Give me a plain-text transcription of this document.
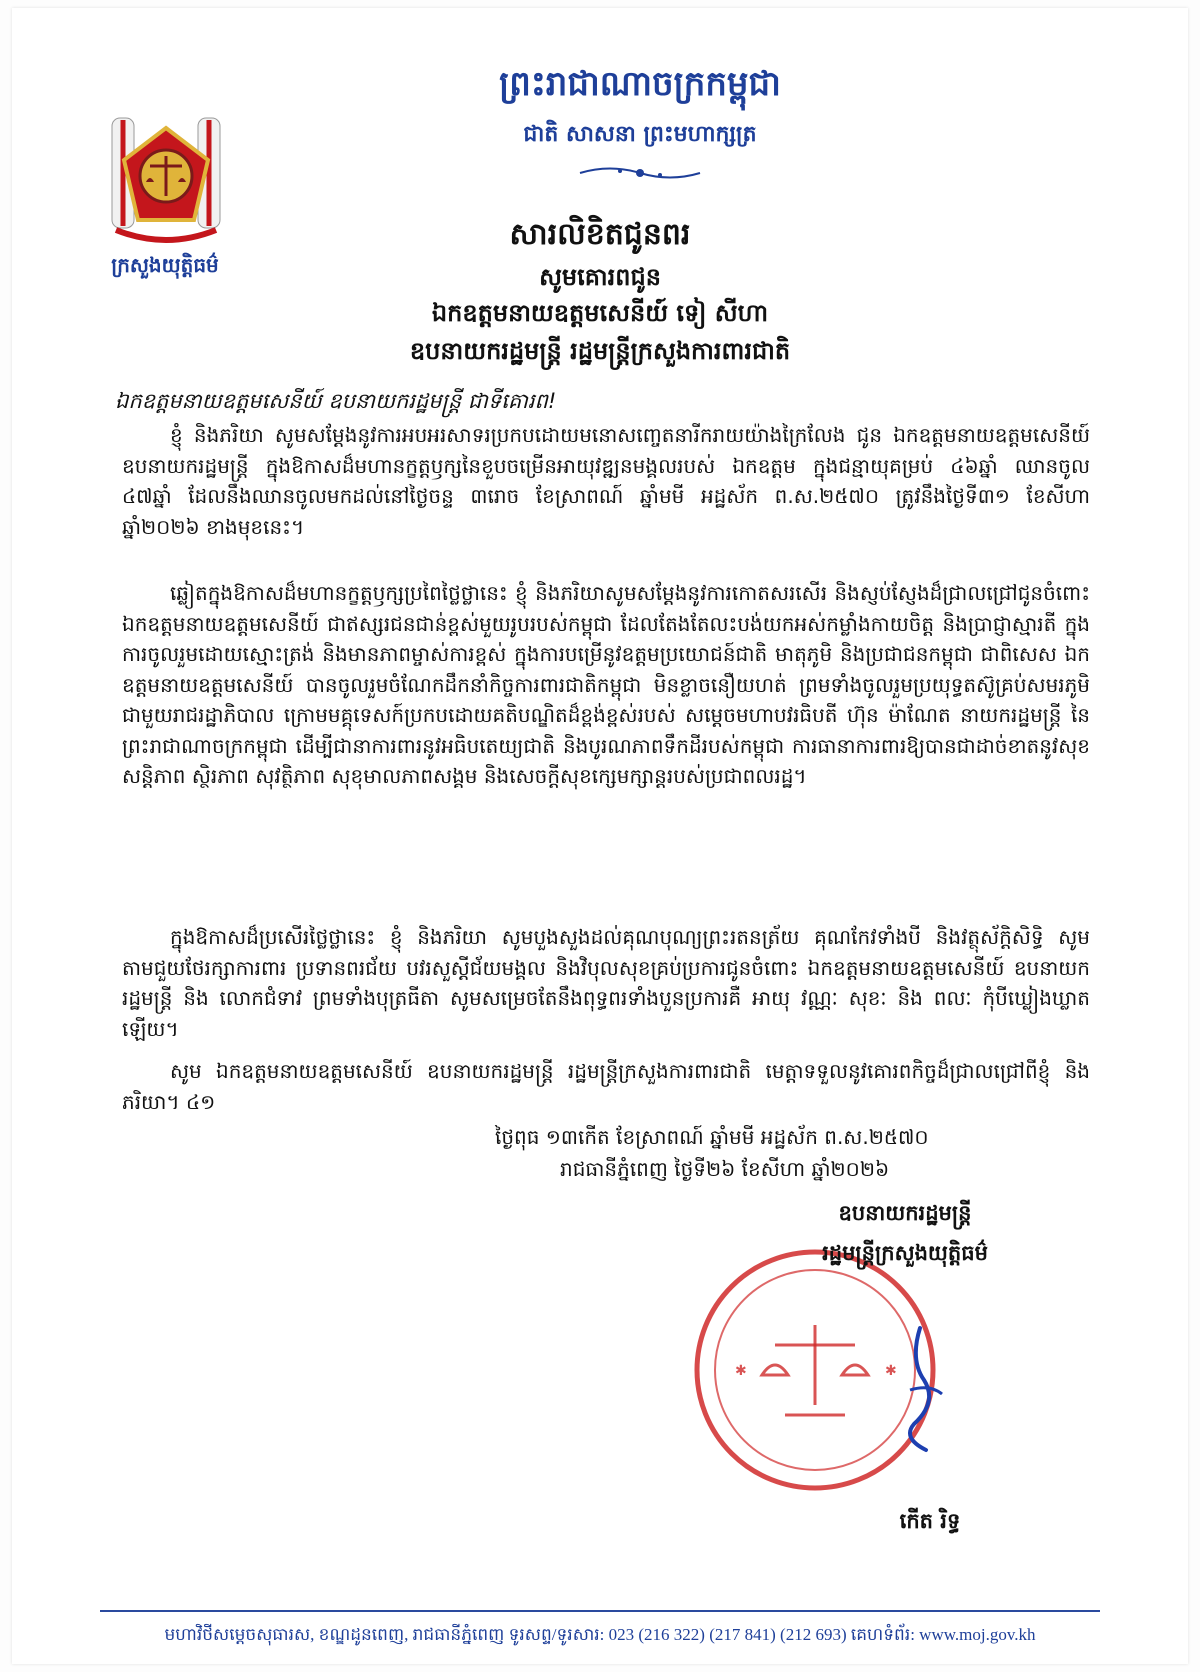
ព្រះរាជាណាចក្រកម្ពុជា
ជាតិ សាសនា ព្រះមហាក្សត្រ
ក្រសួងយុត្តិធម៌
សារលិខិតជូនពរ
សូមគោរពជូន
ឯកឧត្តមនាយឧត្តមសេនីយ៍ ទៀ សីហា
ឧបនាយករដ្ឋមន្ត្រី រដ្ឋមន្ត្រីក្រសួងការពារជាតិ
ឯកឧត្តមនាយឧត្តមសេនីយ៍ ឧបនាយករដ្ឋមន្ត្រី ជាទីគោរព!

ខ្ញុំ និងភរិយា សូមសម្តែងនូវការអបអរសាទរប្រកបដោយមនោសញ្ចេតនារីករាយយ៉ាងក្រៃលែង ជូន ឯកឧត្តមនាយឧត្តមសេនីយ៍ ឧបនាយករដ្ឋមន្ត្រី ក្នុងឱកាសដ៏មហានក្ខត្តឫក្សនៃខួបចម្រើនអាយុវឌ្ឍនមង្គលរបស់ ឯកឧត្តម ក្នុងជន្មាយុគម្រប់ ៤៦ឆ្នាំ ឈានចូល ៤៧ឆ្នាំ ដែលនឹងឈានចូលមកដល់នៅថ្ងៃចន្ទ ៣រោច ខែស្រាពណ៍ ឆ្នាំមមី អដ្ឋស័ក ព.ស.២៥៧០ ត្រូវនឹងថ្ងៃទី៣១ ខែសីហា ឆ្នាំ២០២៦ ខាងមុខនេះ។

ឆ្លៀតក្នុងឱកាសដ៏មហានក្ខត្តឫក្សប្រពៃថ្លៃថ្លានេះ ខ្ញុំ និងភរិយាសូមសម្តែងនូវការកោតសរសើរ និងស្ញប់ស្ញែងដ៏ជ្រាលជ្រៅជូនចំពោះ ឯកឧត្តមនាយឧត្តមសេនីយ៍ ជាឥស្សរជនជាន់ខ្ពស់មួយរូបរបស់កម្ពុជា ដែលតែងតែលះបង់យកអស់កម្លាំងកាយចិត្ត និងប្រាជ្ញាស្មារតី ក្នុងការចូលរួមដោយស្មោះត្រង់ និងមានភាពម្ចាស់ការខ្ពស់ ក្នុងការបម្រើនូវឧត្តមប្រយោជន៍ជាតិ មាតុភូមិ និងប្រជាជនកម្ពុជា ជាពិសេស ឯកឧត្តមនាយឧត្តមសេនីយ៍ បានចូលរួមចំណែកដឹកនាំកិច្ចការពារជាតិកម្ពុជា មិនខ្លាចនឿយហត់ ព្រមទាំងចូលរួមប្រយុទ្ធតស៊ូគ្រប់សមរភូមិ ជាមួយរាជរដ្ឋាភិបាល ក្រោមមគ្គុទេសក៍ប្រកបដោយគតិបណ្ឌិតដ៏ខ្ពង់ខ្ពស់របស់ សម្តេចមហាបវរធិបតី ហ៊ុន ម៉ាណែត នាយករដ្ឋមន្ត្រី នៃព្រះរាជាណាចក្រកម្ពុជា ដើម្បីជានាការពារនូវអធិបតេយ្យជាតិ និងបូរណភាពទឹកដីរបស់កម្ពុជា ការធានាការពារឱ្យបានជាដាច់ខាតនូវសុខសន្តិភាព ស្ថិរភាព សុវត្ថិភាព សុខុមាលភាពសង្គម និងសេចក្តីសុខក្សេមក្សាន្តរបស់ប្រជាពលរដ្ឋ។

ក្នុងឱកាសដ៏ប្រសើរថ្លៃថ្លានេះ ខ្ញុំ និងភរិយា សូមបួងសួងដល់គុណបុណ្យព្រះរតនត្រ័យ គុណកែវទាំងបី និងវត្ថុស័ក្តិសិទ្ធិ សូមតាមជួយថែរក្សាការពារ ប្រទានពរជ័យ បវរសួស្តីជ័យមង្គល និងវិបុលសុខគ្រប់ប្រការជូនចំពោះ ឯកឧត្តមនាយឧត្តមសេនីយ៍ ឧបនាយករដ្ឋមន្ត្រី និង លោកជំទាវ ព្រមទាំងបុត្រធីតា សូមសម្រេចតែនឹងពុទ្ធពរទាំងបួនប្រការគឺ អាយុ វណ្ណៈ សុខៈ និង ពលៈ កុំបីឃ្លៀងឃ្លាតឡើយ។

សូម ឯកឧត្តមនាយឧត្តមសេនីយ៍ ឧបនាយករដ្ឋមន្ត្រី រដ្ឋមន្ត្រីក្រសួងការពារជាតិ មេត្តាទទួលនូវគោរពកិច្ចដ៏ជ្រាលជ្រៅពីខ្ញុំ និងភរិយា។ ៤១

ថ្ងៃពុធ ១៣កើត ខែស្រាពណ៍ ឆ្នាំមមី អដ្ឋស័ក ព.ស.២៥៧០
រាជធានីភ្នំពេញ ថ្ងៃទី២៦ ខែសីហា ឆ្នាំ២០២៦
✱	✱
ឧបនាយករដ្ឋមន្ត្រី
រដ្ឋមន្ត្រីក្រសួងយុត្តិធម៌
កើត រិទ្ធ
មហាវិថីសម្តេចសុធារស, ខណ្ឌដូនពេញ, រាជធានីភ្នំពេញ ទូរសព្ទ/ទូរសារ: 023 (216 322) (217 841) (212 693) គេហទំព័រ: www.moj.gov.kh
